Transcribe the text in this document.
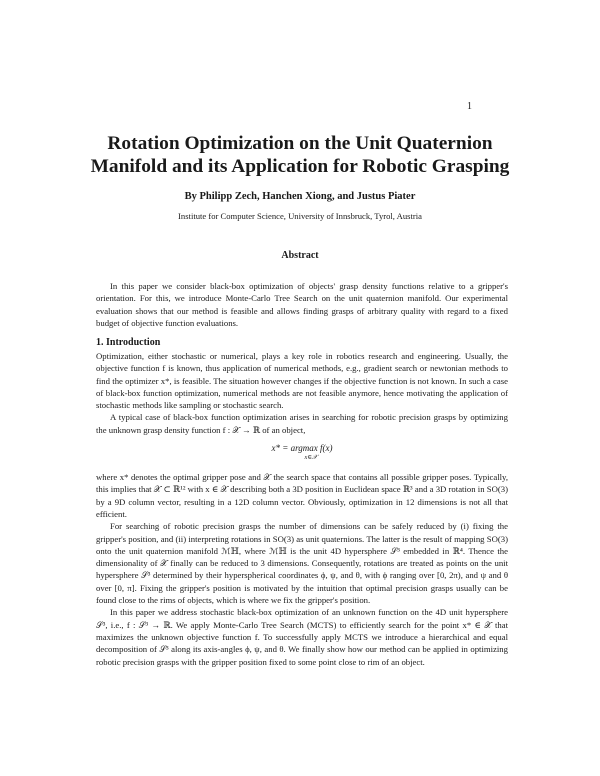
1
Rotation Optimization on the Unit Quaternion
Manifold and its Application for Robotic Grasping
By Philipp Zech, Hanchen Xiong, and Justus Piater
Institute for Computer Science, University of Innsbruck, Tyrol, Austria
Abstract
In this paper we consider black-box optimization of objects' grasp density functions relative to a gripper's orientation. For this, we introduce Monte-Carlo Tree Search on the unit quaternion manifold. Our experimental evaluation shows that our method is feasible and allows finding grasps of arbitrary quality with regard to a fixed budget of objective function evaluations.
1. Introduction

Optimization, either stochastic or numerical, plays a key role in robotics research and engineering. Usually, the objective function f is known, thus application of numerical methods, e.g., gradient search or newtonian methods to find the optimizer x*, is feasible. The situation however changes if the objective function is not known. In such a case of black-box function optimization, numerical methods are not feasible anymore, hence motivating the application of stochastic methods like sampling or stochastic search.

A typical case of black-box function optimization arises in searching for robotic precision grasps by optimizing the unknown grasp density function f : 𝒳 → ℝ of an object,

x* = argmax f(x)
x∈𝒳

where x* denotes the optimal gripper pose and 𝒳 the search space that contains all possible gripper poses. Typically, this implies that 𝒳 ⊂ ℝ¹² with x ∈ 𝒳 describing both a 3D position in Euclidean space ℝ³ and a 3D rotation in SO(3) by a 9D column vector, resulting in a 12D column vector. Obviously, optimization in 12 dimensions is not all that efficient.

For searching of robotic precision grasps the number of dimensions can be safely reduced by (i) fixing the gripper's position, and (ii) interpreting rotations in SO(3) as unit quaternions. The latter is the result of mapping SO(3) onto the unit quaternion manifold ℳℍ, where ℳℍ is the unit 4D hypersphere 𝒮³ embedded in ℝ⁴. Thence the dimensionality of 𝒳 finally can be reduced to 3 dimensions. Consequently, rotations are treated as points on the unit hypersphere 𝒮³ determined by their hyperspherical coordinates ϕ, ψ, and θ, with ϕ ranging over [0, 2π), and ψ and θ over [0, π]. Fixing the gripper's position is motivated by the intuition that optimal precision grasps usually can be found close to the rims of objects, which is where we fix the gripper's position.

In this paper we address stochastic black-box optimization of an unknown function on the 4D unit hypersphere 𝒮³, i.e., f : 𝒮³ → ℝ. We apply Monte-Carlo Tree Search (MCTS) to efficiently search for the point x* ∈ 𝒳 that maximizes the unknown objective function f. To successfully apply MCTS we introduce a hierarchical and equal decomposition of 𝒮³ along its axis-angles ϕ, ψ, and θ. We finally show how our method can be applied in optimizing robotic precision grasps with the gripper position fixed to some point close to rim of an object.
